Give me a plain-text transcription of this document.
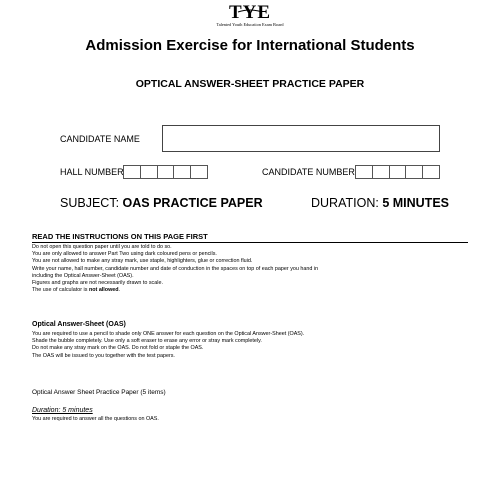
TYE
Talented Youth Education Exam Board
Admission Exercise for International Students
OPTICAL ANSWER-SHEET PRACTICE PAPER
CANDIDATE NAME
HALL NUMBER	CANDIDATE NUMBER
SUBJECT: OAS PRACTICE PAPER	DURATION: 5 MINUTES
READ THE INSTRUCTIONS ON THIS PAGE FIRST
Do not open this question paper until you are told to do so.
You are only allowed to answer Part Two using dark coloured pens or pencils.
You are not allowed to make any stray mark, use staple, highlighters, glue or correction fluid.
Write your name, hall number, candidate number and date of conduction in the spaces on top of each paper you hand in
including the Optical Answer-Sheet (OAS).
Figures and graphs are not necessarily drawn to scale.
The use of calculator is not allowed.
Optical Answer-Sheet (OAS)
You are required to use a pencil to shade only ONE answer for each question on the Optical Answer-Sheet (OAS).
Shade the bubble completely. Use only a soft eraser to erase any error or stray mark completely.
Do not make any stray mark on the OAS. Do not fold or staple the OAS.
The OAS will be issued to you together with the test papers.
Optical Answer Sheet Practice Paper (5 items)
Duration: 5 minutes
You are required to answer all the questions on OAS.
